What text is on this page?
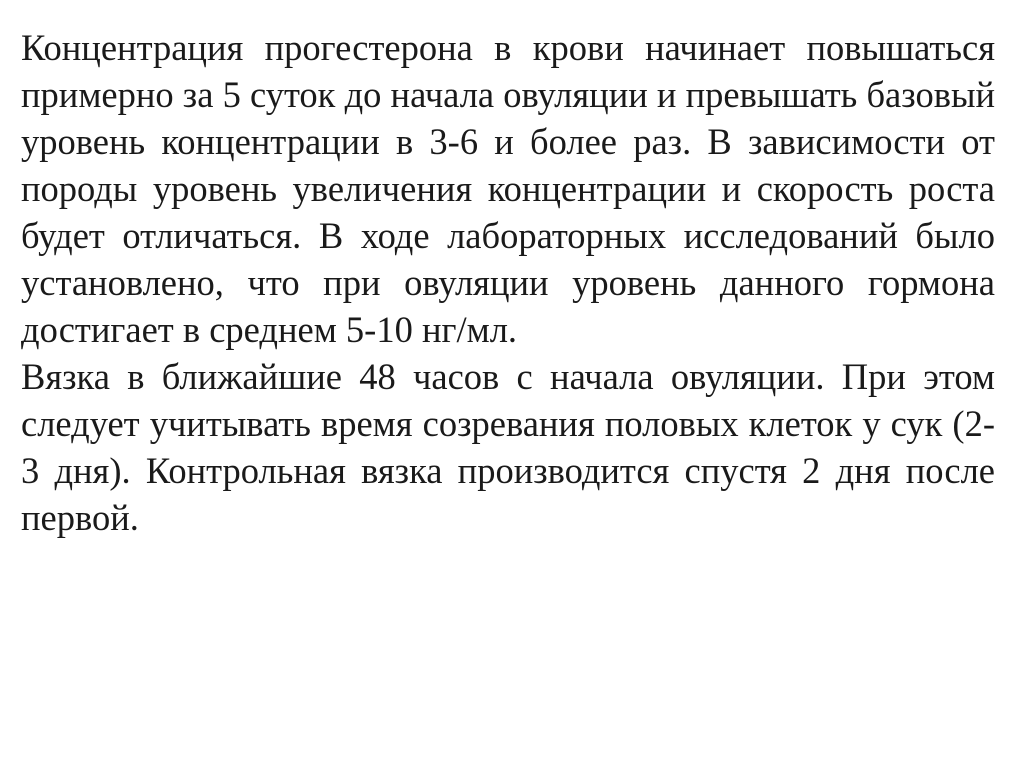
Концентрация прогестерона в крови начинает повышаться примерно за 5 суток до начала овуляции и превышать базовый уровень концентрации в 3-6 и более раз. В зависимости от породы уровень увеличения концентрации и скорость роста будет отличаться. В ходе лабораторных исследований было установлено, что при овуляции уровень данного гормона достигает в среднем 5-10 нг/мл.

Вязка в ближайшие 48 часов с начала овуляции. При этом следует учитывать время созревания половых клеток у сук (2-3 дня). Контрольная вязка производится спустя 2 дня после первой.
